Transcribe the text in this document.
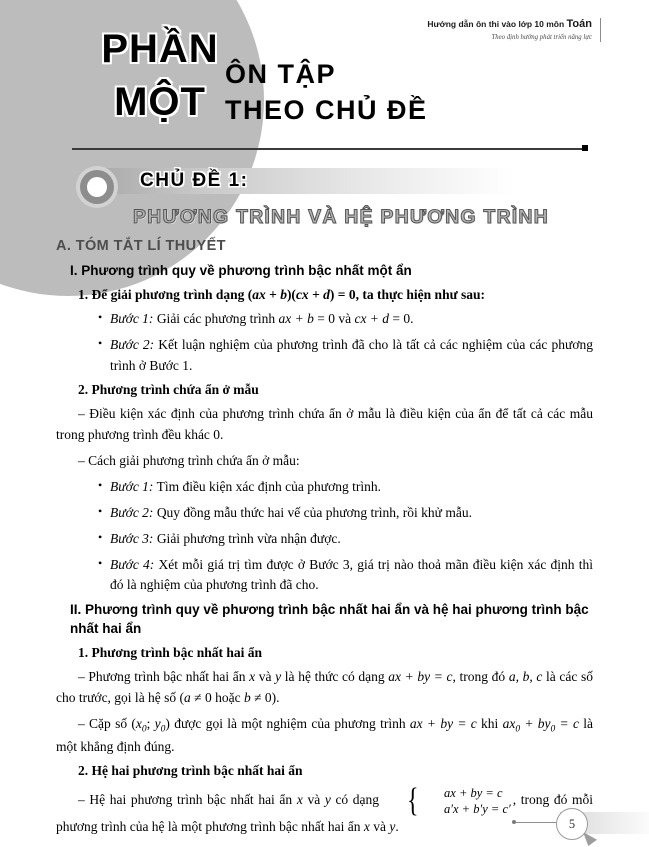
Hướng dẫn ôn thi vào lớp 10 môn Toán
Theo định hướng phát triển năng lực
PHẦN
MỘT
ÔN TẬP
THEO CHỦ ĐỀ
CHỦ ĐỀ 1:
PHƯƠNG TRÌNH VÀ HỆ PHƯƠNG TRÌNH
A. TÓM TẮT LÍ THUYẾT
I. Phương trình quy về phương trình bậc nhất một ẩn
1. Để giải phương trình dạng (ax + b)(cx + d) = 0, ta thực hiện như sau:
• Bước 1: Giải các phương trình ax + b = 0 và cx + d = 0.
• Bước 2: Kết luận nghiệm của phương trình đã cho là tất cả các nghiệm của các phương trình ở Bước 1.
2. Phương trình chứa ẩn ở mẫu

– Điều kiện xác định của phương trình chứa ẩn ở mẫu là điều kiện của ẩn để tất cả các mẫu trong phương trình đều khác 0.

– Cách giải phương trình chứa ẩn ở mẫu:

• Bước 1: Tìm điều kiện xác định của phương trình.
• Bước 2: Quy đồng mẫu thức hai vế của phương trình, rồi khử mẫu.
• Bước 3: Giải phương trình vừa nhận được.
• Bước 4: Xét mỗi giá trị tìm được ở Bước 3, giá trị nào thoả mãn điều kiện xác định thì đó là nghiệm của phương trình đã cho.
II. Phương trình quy về phương trình bậc nhất hai ẩn và hệ hai phương trình bậc nhất hai ẩn
1. Phương trình bậc nhất hai ẩn

– Phương trình bậc nhất hai ẩn x và y là hệ thức có dạng ax + by = c, trong đó a, b, c là các số cho trước, gọi là hệ số (a ≠ 0 hoặc b ≠ 0).

– Cặp số ($x_0$; $y_0$) được gọi là một nghiệm của phương trình ax + by = c khi $ax_0 + by_0 = c$ là một khẳng định đúng.

2. Hệ hai phương trình bậc nhất hai ẩn

– Hệ hai phương trình bậc nhất hai ẩn x và y có dạng {	ax + by = c
a′x + b′y = c′
, trong đó mỗi phương trình của hệ là một phương trình bậc nhất hai ẩn x và y.	5
